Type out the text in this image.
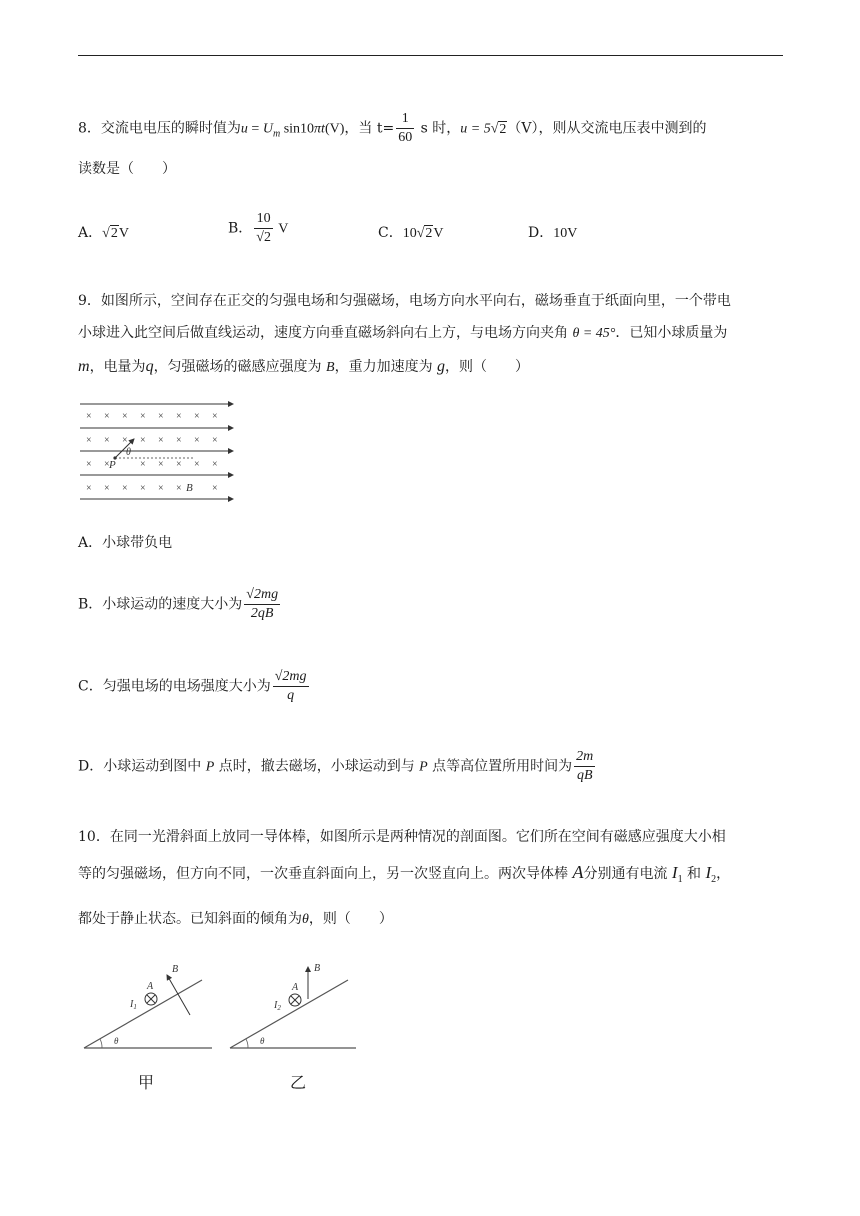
8．交流电电压的瞬时值为$u = U_m$ sin10πt(V)，当 $t= \frac{1}{60}$ s 时，u = 5√2（V），则从交流电压表中测到的
读数是（　　）
A．√2V	B． $\frac{10}{√2}$ V	C．10√2V	D．10V
9．如图所示，空间存在正交的匀强电场和匀强磁场，电场方向水平向右，磁场垂直于纸面向里，一个带电
小球进入此空间后做直线运动，速度方向垂直磁场斜向右上方，与电场方向夹角 θ = 45°．已知小球质量为
m，电量为q，匀强磁场的磁感应强度为 B，重力加速度为 g，则（　　）
× × × × × × × ×
× × × × × × × ×
× ×	× × × × ×
× × × × × ×	×
P
θ
B
A．小球带负电
B．小球运动的速度大小为 $\frac{√2mg}{2qB}$
C．匀强电场的电场强度大小为 $\frac{√2mg}{q}$
D．小球运动到图中 P 点时，撤去磁场，小球运动到与 P 点等高位置所用时间为 $\frac{2m}{qB}$
10．在同一光滑斜面上放同一导体棒，如图所示是两种情况的剖面图。它们所在空间有磁感应强度大小相
等的匀强磁场，但方向不同，一次垂直斜面向上，另一次竖直向上。两次导体棒 A分别通有电流 $I_1$ 和 $I_2$，
都处于静止状态。已知斜面的倾角为θ，则（　　）
θ
A
$I_1$
B
甲
θ
A
$I_2$
B
乙
